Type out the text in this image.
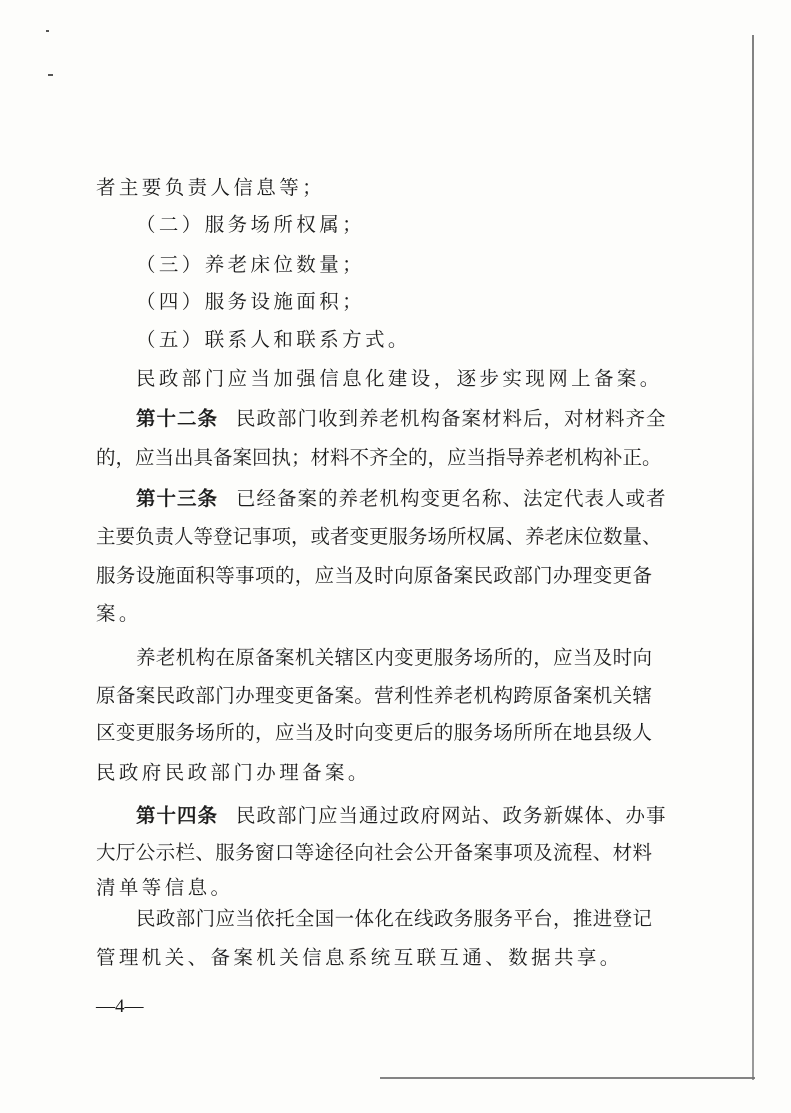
者主要负责人信息等；
（二）服务场所权属；
（三）养老床位数量；
（四）服务设施面积；
（五）联系人和联系方式。
民政部门应当加强信息化建设，逐步实现网上备案。
第十二条 民政部门收到养老机构备案材料后，对材料齐全
的，应当出具备案回执；材料不齐全的，应当指导养老机构补正。
第十三条 已经备案的养老机构变更名称、法定代表人或者
主要负责人等登记事项，或者变更服务场所权属、养老床位数量、
服务设施面积等事项的，应当及时向原备案民政部门办理变更备
案。
养老机构在原备案机关辖区内变更服务场所的，应当及时向
原备案民政部门办理变更备案。营利性养老机构跨原备案机关辖
区变更服务场所的，应当及时向变更后的服务场所所在地县级人
民政府民政部门办理备案。
第十四条 民政部门应当通过政府网站、政务新媒体、办事
大厅公示栏、服务窗口等途径向社会公开备案事项及流程、材料
清单等信息。
民政部门应当依托全国一体化在线政务服务平台，推进登记
管理机关、备案机关信息系统互联互通、数据共享。
—4—
